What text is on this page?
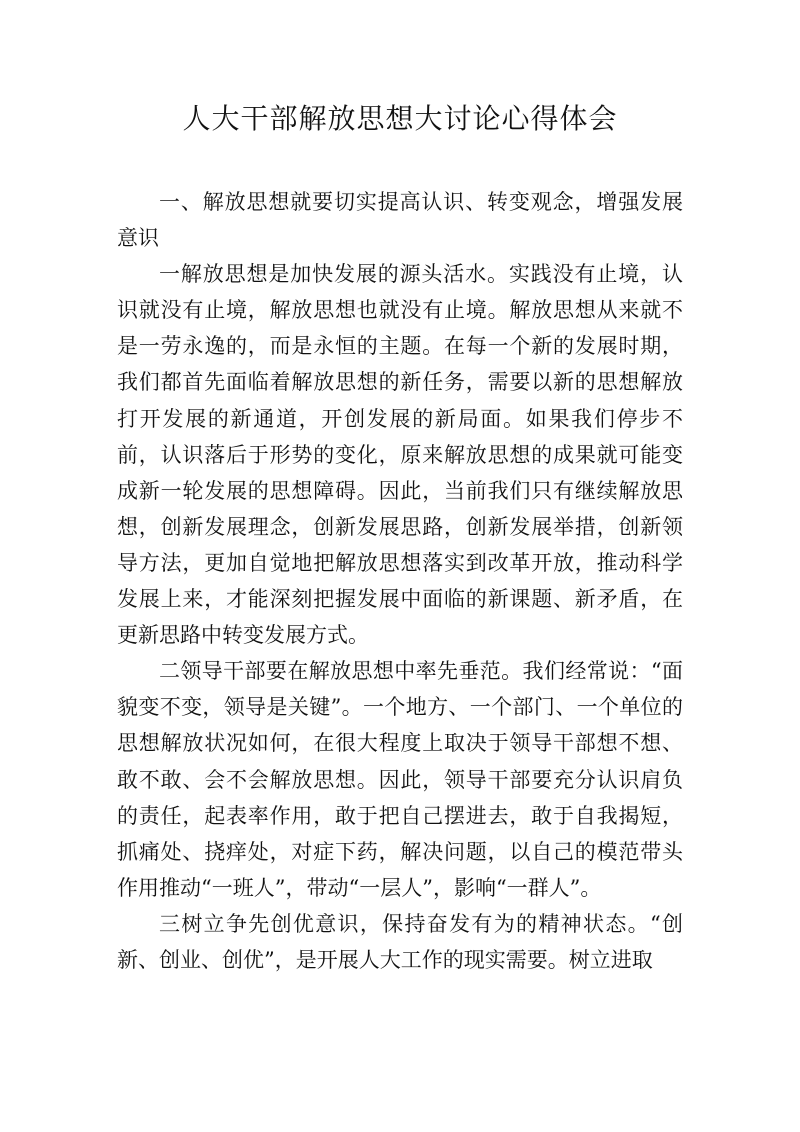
人大干部解放思想大讨论心得体会

一、解放思想就要切实提高认识、转变观念，增强发展意识

一解放思想是加快发展的源头活水。实践没有止境，认识就没有止境，解放思想也就没有止境。解放思想从来就不是一劳永逸的，而是永恒的主题。在每一个新的发展时期，我们都首先面临着解放思想的新任务，需要以新的思想解放打开发展的新通道，开创发展的新局面。如果我们停步不前，认识落后于形势的变化，原来解放思想的成果就可能变成新一轮发展的思想障碍。因此，当前我们只有继续解放思想，创新发展理念，创新发展思路，创新发展举措，创新领导方法，更加自觉地把解放思想落实到改革开放，推动科学发展上来，才能深刻把握发展中面临的新课题、新矛盾，在更新思路中转变发展方式。

二领导干部要在解放思想中率先垂范。我们经常说：“面貌变不变，领导是关键”。一个地方、一个部门、一个单位的思想解放状况如何，在很大程度上取决于领导干部想不想、敢不敢、会不会解放思想。因此，领导干部要充分认识肩负的责任，起表率作用，敢于把自己摆进去，敢于自我揭短，抓痛处、挠痒处，对症下药，解决问题，以自己的模范带头作用推动“一班人”，带动“一层人”，影响“一群人”。

三树立争先创优意识，保持奋发有为的精神状态。“创新、创业、创优”，是开展人大工作的现实需要。树立进取
